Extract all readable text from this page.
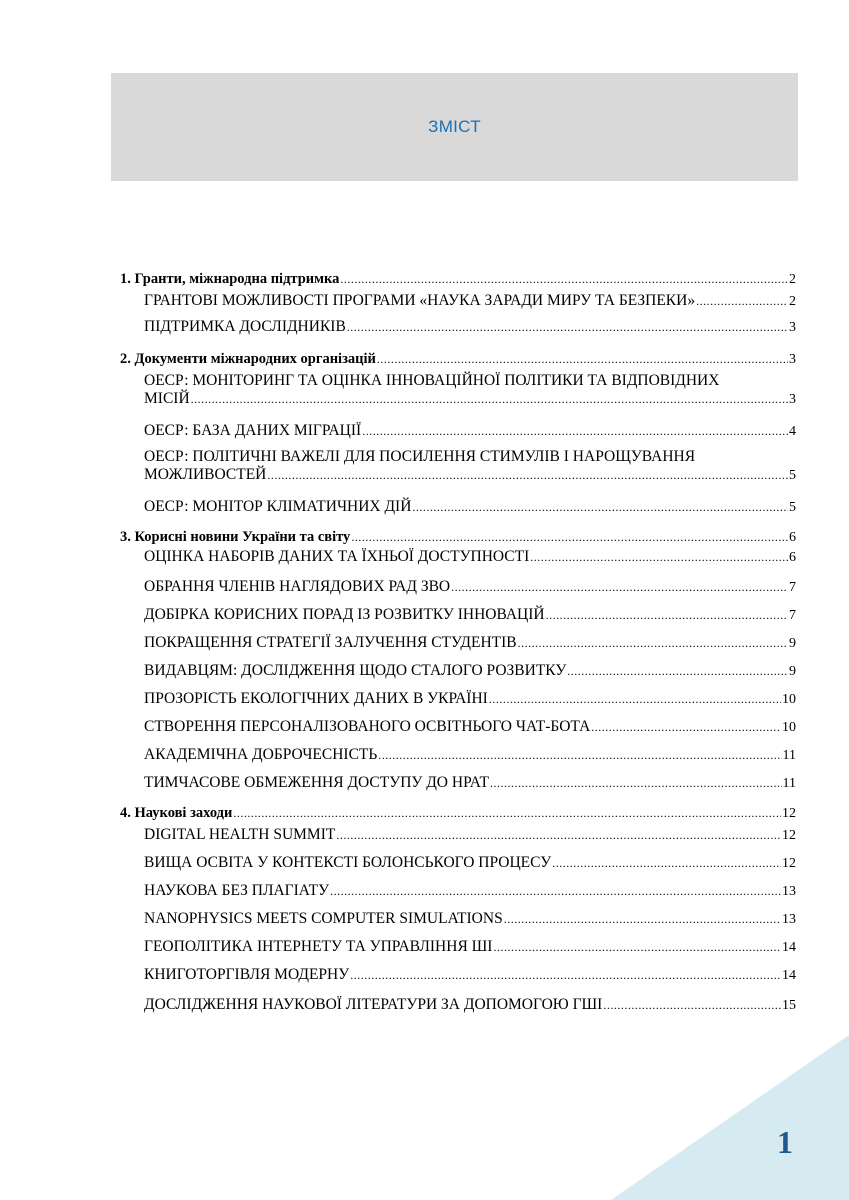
ЗМІСТ
1. Гранти, міжнародна підтримка .....	2
ГРАНТОВІ МОЖЛИВОСТІ ПРОГРАМИ «НАУКА ЗАРАДИ МИРУ ТА БЕЗПЕКИ» .....	2
ПІДТРИМКА ДОСЛІДНИКІВ .....	3
2. Документи міжнародних організацій .....	3
ОЕСР: МОНІТОРИНГ ТА ОЦІНКА ІННОВАЦІЙНОЇ ПОЛІТИКИ ТА ВІДПОВІДНИХ
МІСІЙ .....	3
ОЕСР: БАЗА ДАНИХ МІГРАЦІЇ .....	4
ОЕСР: ПОЛІТИЧНІ ВАЖЕЛІ ДЛЯ ПОСИЛЕННЯ СТИМУЛІВ І НАРОЩУВАННЯ
МОЖЛИВОСТЕЙ .....	5
ОЕСР: МОНІТОР КЛІМАТИЧНИХ ДІЙ .....	5
3. Корисні новини України та світу .....	6
ОЦІНКА НАБОРІВ ДАНИХ ТА ЇХНЬОЇ ДОСТУПНОСТІ .....	6
ОБРАННЯ ЧЛЕНІВ НАГЛЯДОВИХ РАД ЗВО .....	7
ДОБІРКА КОРИСНИХ ПОРАД ІЗ РОЗВИТКУ ІННОВАЦІЙ .....	7
ПОКРАЩЕННЯ СТРАТЕГІЇ ЗАЛУЧЕННЯ СТУДЕНТІВ .....	9
ВИДАВЦЯМ: ДОСЛІДЖЕННЯ ЩОДО СТАЛОГО РОЗВИТКУ .....	9
ПРОЗОРІСТЬ ЕКОЛОГІЧНИХ ДАНИХ В УКРАЇНІ .....	10
СТВОРЕННЯ ПЕРСОНАЛІЗОВАНОГО ОСВІТНЬОГО ЧАТ-БОТА .....	10
АКАДЕМІЧНА ДОБРОЧЕСНІСТЬ .....	11
ТИМЧАСОВЕ ОБМЕЖЕННЯ ДОСТУПУ ДО НРАТ .....	11
4. Наукові заходи .....	12
DIGITAL HEALTH SUMMIT .....	12
ВИЩА ОСВІТА У КОНТЕКСТІ БОЛОНСЬКОГО ПРОЦЕСУ .....	12
НАУКОВА БЕЗ ПЛАГІАТУ .....	13
NANOPHYSICS MEETS COMPUTER SIMULATIONS .....	13
ГЕОПОЛІТИКА ІНТЕРНЕТУ ТА УПРАВЛІННЯ ШІ .....	14
КНИГОТОРГІВЛЯ МОДЕРНУ .....	14
ДОСЛІДЖЕННЯ НАУКОВОЇ ЛІТЕРАТУРИ ЗА ДОПОМОГОЮ ГШІ .....	15
1
